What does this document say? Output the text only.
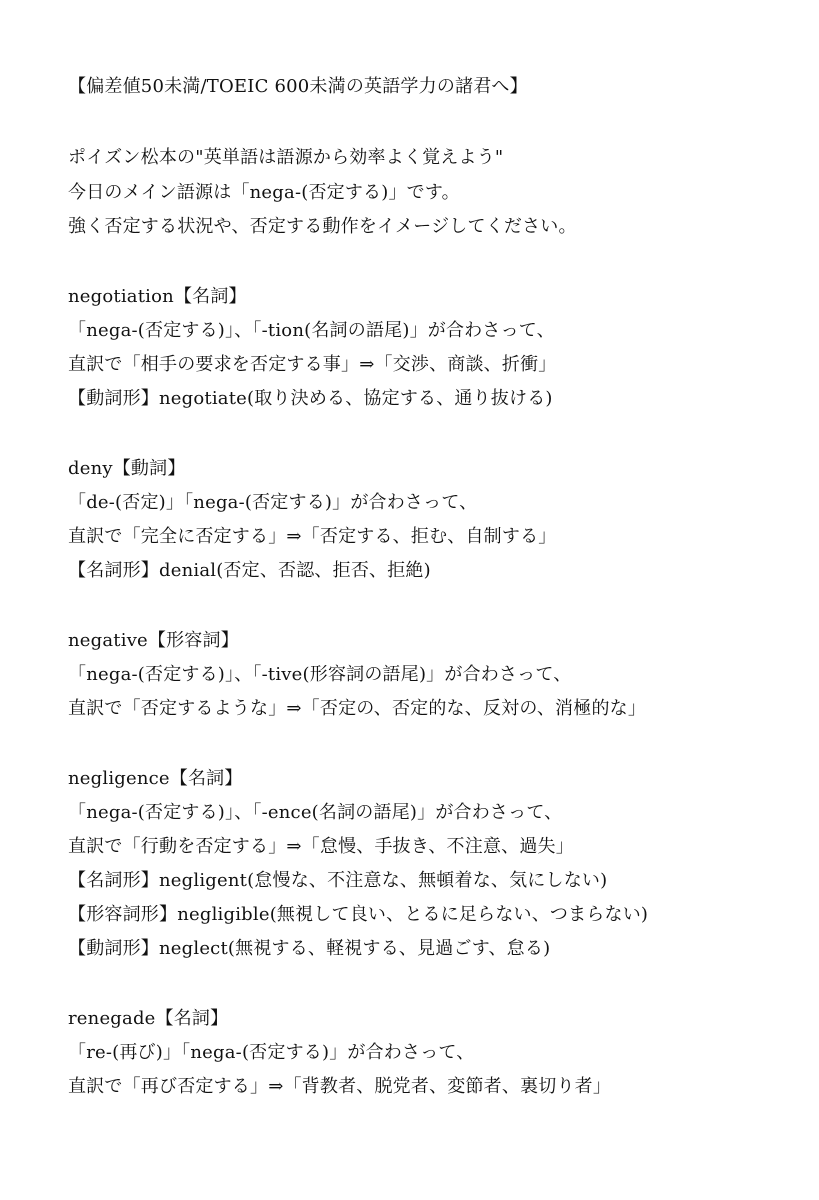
【偏差値50未満/TOEIC 600未満の英語学力の諸君へ】
ポイズン松本の"英単語は語源から効率よく覚えよう"
今日のメイン語源は「nega-(否定する)」です。
強く否定する状況や、否定する動作をイメージしてください。
negotiation【名詞】
「nega-(否定する)」、「-tion(名詞の語尾)」が合わさって、
直訳で「相手の要求を否定する事」⇒「交渉、商談、折衝」
【動詞形】negotiate(取り決める、協定する、通り抜ける)
deny【動詞】
「de-(否定)」「nega-(否定する)」が合わさって、
直訳で「完全に否定する」⇒「否定する、拒む、自制する」
【名詞形】denial(否定、否認、拒否、拒絶)
negative【形容詞】
「nega-(否定する)」、「-tive(形容詞の語尾)」が合わさって、
直訳で「否定するような」⇒「否定の、否定的な、反対の、消極的な」
negligence【名詞】
「nega-(否定する)」、「-ence(名詞の語尾)」が合わさって、
直訳で「行動を否定する」⇒「怠慢、手抜き、不注意、過失」
【名詞形】negligent(怠慢な、不注意な、無頓着な、気にしない)
【形容詞形】negligible(無視して良い、とるに足らない、つまらない)
【動詞形】neglect(無視する、軽視する、見過ごす、怠る)
renegade【名詞】
「re-(再び)」「nega-(否定する)」が合わさって、
直訳で「再び否定する」⇒「背教者、脱党者、変節者、裏切り者」
